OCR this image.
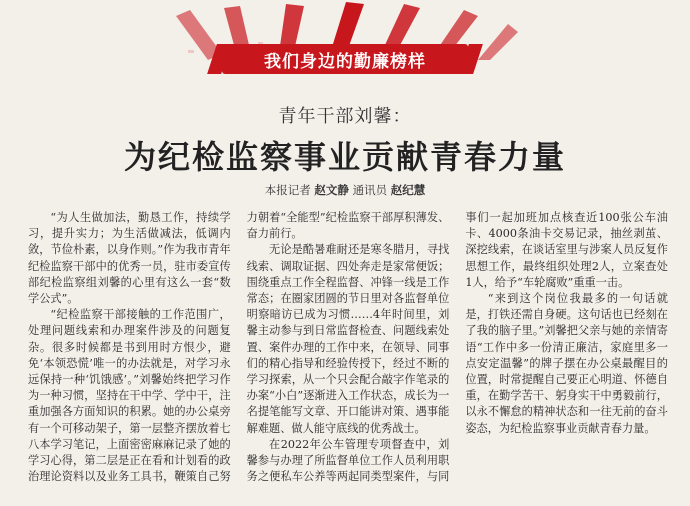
我们身边的勤廉榜样
青年干部刘馨：
为纪检监察事业贡献青春力量
本报记者 赵文静 通讯员 赵纪慧

“为人生做加法，勤恳工作，持续学习，提升实力；为生活做减法，低调内敛，节俭朴素，以身作则。”作为我市青年纪检监察干部中的优秀一员，驻市委宣传部纪检监察组刘馨的心里有这么一套“数学公式”。

“纪检监察干部接触的工作范围广，处理问题线索和办理案件涉及的问题复杂。很多时候都是书到用时方恨少，避免‘本领恐慌’唯一的办法就是，对学习永远保持一种‘饥饿感’。”刘馨始终把学习作为一种习惯，坚持在干中学、学中干，注重加强各方面知识的积累。她的办公桌旁有一个可移动架子，第一层整齐摆放着七八本学习笔记，上面密密麻麻记录了她的学习心得，第二层是正在看和计划看的政治理论资料以及业务工具书，鞭策自己努力朝着“全能型”纪检监察干部厚积薄发、奋力前行。

无论是酷暑难耐还是寒冬腊月，寻找线索、调取证据、四处奔走是家常便饭；围绕重点工作全程监督、冲锋一线是工作常态；在圈家团圆的节日里对各监督单位明察暗访已成为习惯……4年时间里，刘馨主动参与到日常监督检查、问题线索处置、案件办理的工作中来，在领导、同事们的精心指导和经验传授下，经过不断的学习探索，从一个只会配合敲字作笔录的办案“小白”逐渐进入工作状态，成长为一名提笔能写文章、开口能讲对策、遇事能解难题、做人能守底线的优秀战士。

在2022年公车管理专项督查中，刘馨参与办理了所监督单位工作人员利用职务之便私车公养等两起同类型案件，与同事们一起加班加点核查近100张公车油卡、4000条油卡交易记录，抽丝剥茧、深挖线索，在谈话室里与涉案人员反复作思想工作，最终组织处理2人，立案查处1人，给予“车轮腐败”重重一击。

“来到这个岗位我最多的一句话就是，打铁还需自身硬。这句话也已经刻在了我的脑子里。”刘馨把父亲与她的亲情寄语“工作中多一份清正廉洁，家庭里多一点安定温馨”的牌子摆在办公桌最醒目的位置，时常提醒自己要正心明道、怀德自重，在勤学苦干、躬身实干中勇毅前行，以永不懈怠的精神状态和一往无前的奋斗姿态，为纪检监察事业贡献青春力量。
